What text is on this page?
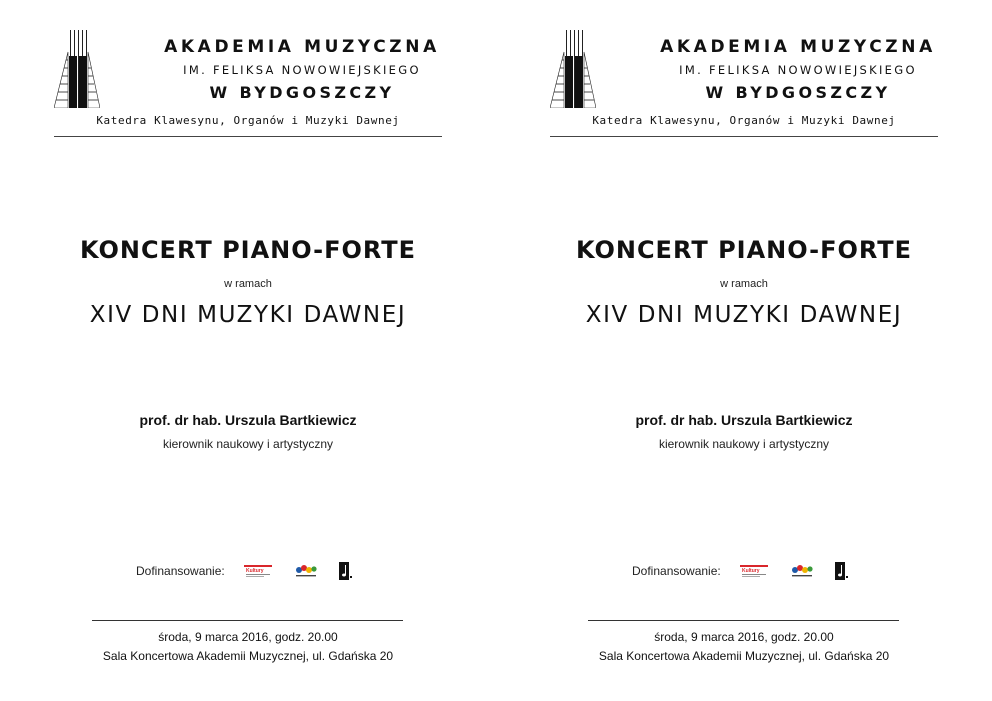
AKADEMIA MUZYCZNA
IM. FELIKSA NOWOWIEJSKIEGO
W BYDGOSZCZY
Katedra Klawesynu, Organów i Muzyki Dawnej
KONCERT PIANO-FORTE
w ramach
XIV DNI MUZYKI DAWNEJ
prof. dr hab. Urszula Bartkiewicz
kierownik naukowy i artystyczny
Dofinansowanie:	Kultury
środa, 9 marca 2016, godz. 20.00
Sala Koncertowa Akademii Muzycznej, ul. Gdańska 20
AKADEMIA MUZYCZNA
IM. FELIKSA NOWOWIEJSKIEGO
W BYDGOSZCZY
Katedra Klawesynu, Organów i Muzyki Dawnej
KONCERT PIANO-FORTE
w ramach
XIV DNI MUZYKI DAWNEJ
prof. dr hab. Urszula Bartkiewicz
kierownik naukowy i artystyczny
Dofinansowanie:	Kultury
środa, 9 marca 2016, godz. 20.00
Sala Koncertowa Akademii Muzycznej, ul. Gdańska 20
